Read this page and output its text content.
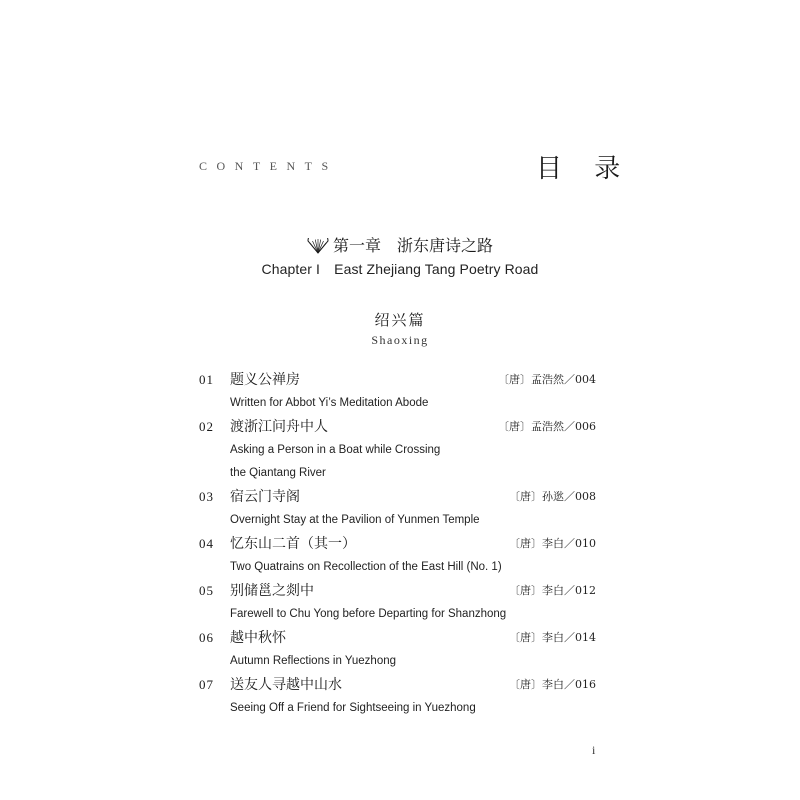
CONTENTS	目 录
第一章　浙东唐诗之路
Chapter I　East Zhejiang Tang Poetry Road
绍兴篇
Shaoxing
01 题义公禅房	〔唐〕孟浩然／004
Written for Abbot Yi’s Meditation Abode
02 渡浙江问舟中人	〔唐〕孟浩然／006
Asking a Person in a Boat while Crossing
the Qiantang River
03 宿云门寺阁	〔唐〕孙逖／008
Overnight Stay at the Pavilion of Yunmen Temple
04 忆东山二首（其一）	〔唐〕李白／010
Two Quatrains on Recollection of the East Hill (No. 1)
05 别储邕之剡中	〔唐〕李白／012
Farewell to Chu Yong before Departing for Shanzhong
06 越中秋怀	〔唐〕李白／014
Autumn Reflections in Yuezhong
07 送友人寻越中山水	〔唐〕李白／016
Seeing Off a Friend for Sightseeing in Yuezhong
i
